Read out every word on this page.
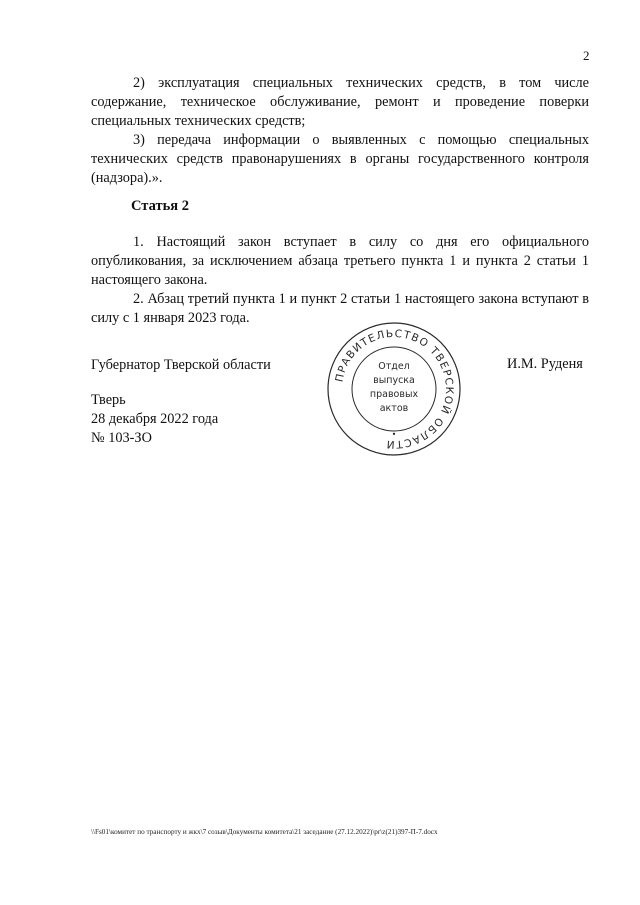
2

2) эксплуатация специальных технических средств, в том числе содержание, техническое обслуживание, ремонт и проведение поверки специальных технических средств;

3) передача информации о выявленных с помощью специальных технических средств правонарушениях в органы государственного контроля (надзора).».

Статья 2

1. Настоящий закон вступает в силу со дня его официального опубликования, за исключением абзаца третьего пункта 1 и пункта 2 статьи 1 настоящего закона.

2. Абзац третий пункта 1 и пункт 2 статьи 1 настоящего закона вступают в силу с 1 января 2023 года.

Губернатор Тверской области	И.М. Руденя
Тверь
28 декабря 2022 года
№ 103-ЗО
ПРАВИТЕЛЬСТВО ТВЕРСКОЙ ОБЛАСТИ
Отдел
выпуска
правовых
актов
•
\\Fs01\комитет по транспорту и жкх\7 созыв\Документы комитета\21 заседание (27.12.2022)\pr\z(21)397-П-7.docx
